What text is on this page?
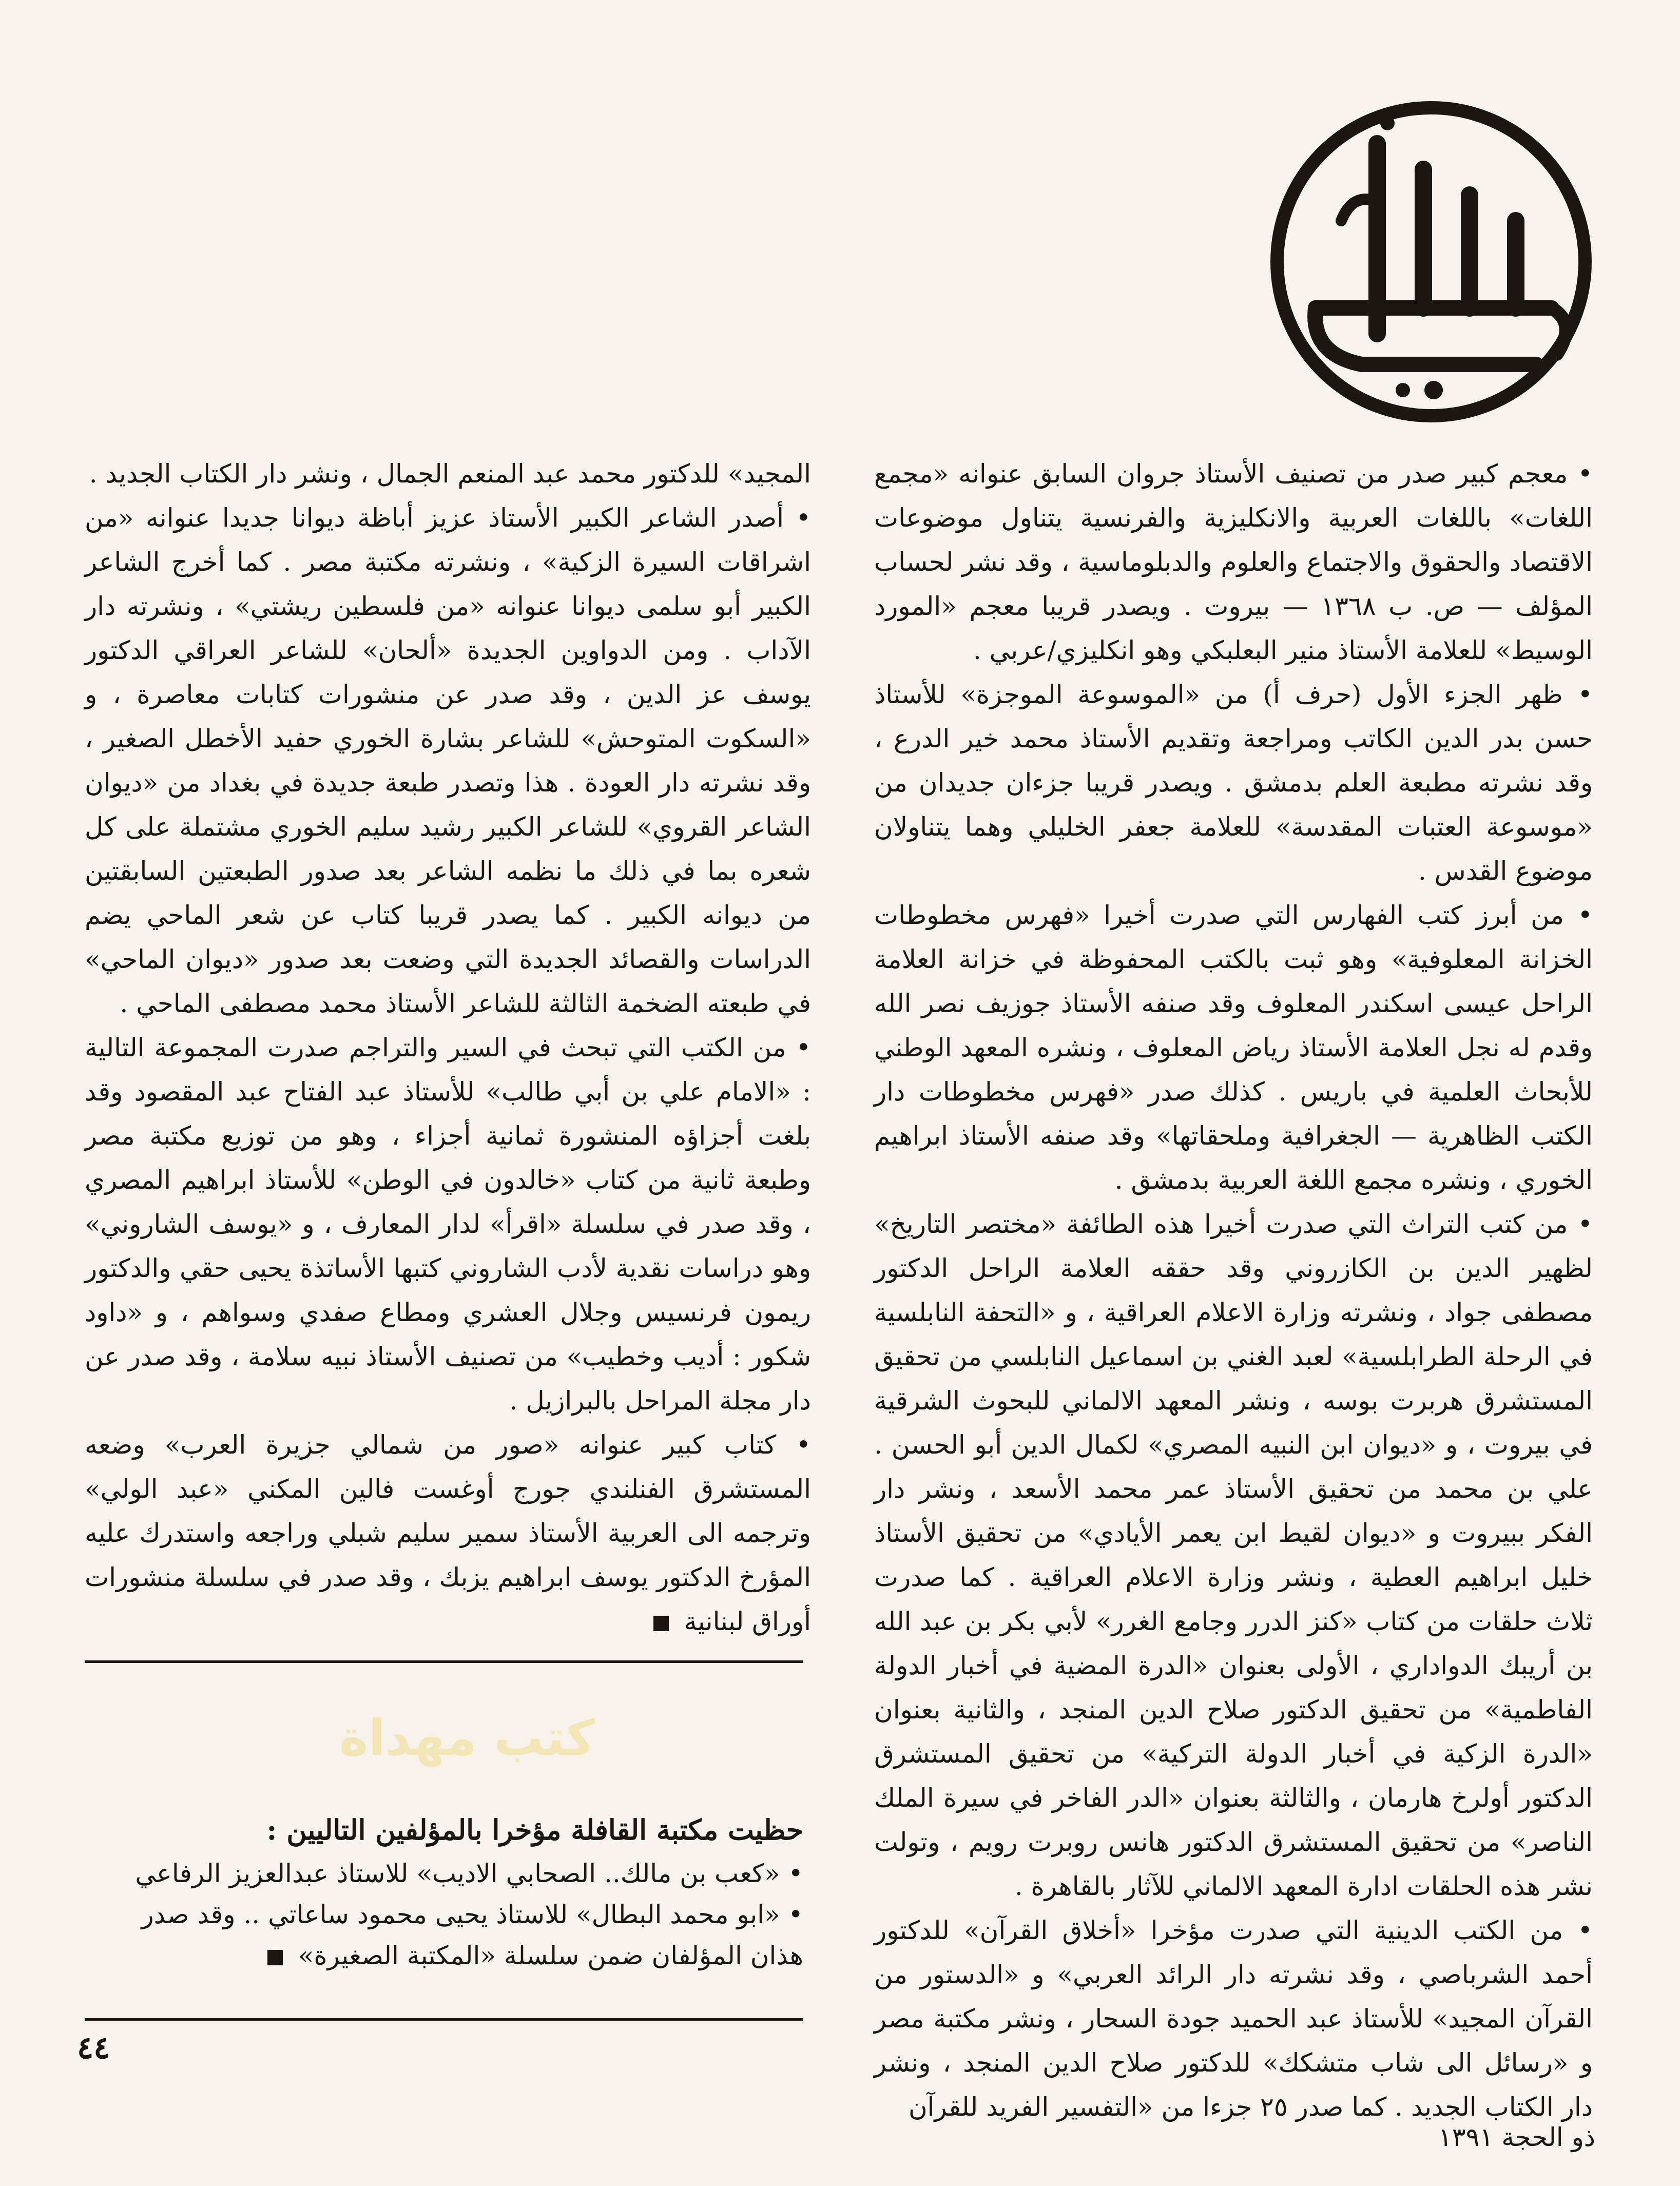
• معجم كبير صدر من تصنيف الأستاذ جروان السابق عنوانه «مجمع اللغات» باللغات العربية والانكليزية والفرنسية يتناول موضوعات الاقتصاد والحقوق والاجتماع والعلوم والدبلوماسية ، وقد نشر لحساب المؤلف — ص. ب ١٣٦٨ — بيروت . ويصدر قريبا معجم «المورد الوسيط» للعلامة الأستاذ منير البعلبكي وهو انكليزي/عربي .

• ظهر الجزء الأول (حرف أ) من «الموسوعة الموجزة» للأستاذ حسن بدر الدين الكاتب ومراجعة وتقديم الأستاذ محمد خير الدرع ، وقد نشرته مطبعة العلم بدمشق . ويصدر قريبا جزءان جديدان من «موسوعة العتبات المقدسة» للعلامة جعفر الخليلي وهما يتناولان موضوع القدس .

• من أبرز كتب الفهارس التي صدرت أخيرا «فهرس مخطوطات الخزانة المعلوفية» وهو ثبت بالكتب المحفوظة في خزانة العلامة الراحل عيسى اسكندر المعلوف وقد صنفه الأستاذ جوزيف نصر الله وقدم له نجل العلامة الأستاذ رياض المعلوف ، ونشره المعهد الوطني للأبحاث العلمية في باريس . كذلك صدر «فهرس مخطوطات دار الكتب الظاهرية — الجغرافية وملحقاتها» وقد صنفه الأستاذ ابراهيم الخوري ، ونشره مجمع اللغة العربية بدمشق .

• من كتب التراث التي صدرت أخيرا هذه الطائفة «مختصر التاريخ» لظهير الدين بن الكازروني وقد حققه العلامة الراحل الدكتور مصطفى جواد ، ونشرته وزارة الاعلام العراقية ، و «التحفة النابلسية في الرحلة الطرابلسية» لعبد الغني بن اسماعيل النابلسي من تحقيق المستشرق هربرت بوسه ، ونشر المعهد الالماني للبحوث الشرقية في بيروت ، و «ديوان ابن النبيه المصري» لكمال الدين أبو الحسن . علي بن محمد من تحقيق الأستاذ عمر محمد الأسعد ، ونشر دار الفكر ببيروت و «ديوان لقيط ابن يعمر الأيادي» من تحقيق الأستاذ خليل ابراهيم العطية ، ونشر وزارة الاعلام العراقية . كما صدرت ثلاث حلقات من كتاب «كنز الدرر وجامع الغرر» لأبي بكر بن عبد الله بن أريبك الدواداري ، الأولى بعنوان «الدرة المضية في أخبار الدولة الفاطمية» من تحقيق الدكتور صلاح الدين المنجد ، والثانية بعنوان «الدرة الزكية في أخبار الدولة التركية» من تحقيق المستشرق الدكتور أولرخ هارمان ، والثالثة بعنوان «الدر الفاخر في سيرة الملك الناصر» من تحقيق المستشرق الدكتور هانس روبرت رويم ، وتولت نشر هذه الحلقات ادارة المعهد الالماني للآثار بالقاهرة .

• من الكتب الدينية التي صدرت مؤخرا «أخلاق القرآن» للدكتور أحمد الشرباصي ، وقد نشرته دار الرائد العربي» و «الدستور من القرآن المجيد» للأستاذ عبد الحميد جودة السحار ، ونشر مكتبة مصر و «رسائل الى شاب متشكك» للدكتور صلاح الدين المنجد ، ونشر دار الكتاب الجديد . كما صدر ٢٥ جزءا من «التفسير الفريد للقرآن

المجيد» للدكتور محمد عبد المنعم الجمال ، ونشر دار الكتاب الجديد .

• أصدر الشاعر الكبير الأستاذ عزيز أباظة ديوانا جديدا عنوانه «من اشراقات السيرة الزكية» ، ونشرته مكتبة مصر . كما أخرج الشاعر الكبير أبو سلمى ديوانا عنوانه «من فلسطين ريشتي» ، ونشرته دار الآداب . ومن الدواوين الجديدة «ألحان» للشاعر العراقي الدكتور يوسف عز الدين ، وقد صدر عن منشورات كتابات معاصرة ، و «السكوت المتوحش» للشاعر بشارة الخوري حفيد الأخطل الصغير ، وقد نشرته دار العودة . هذا وتصدر طبعة جديدة في بغداد من «ديوان الشاعر القروي» للشاعر الكبير رشيد سليم الخوري مشتملة على كل شعره بما في ذلك ما نظمه الشاعر بعد صدور الطبعتين السابقتين من ديوانه الكبير . كما يصدر قريبا كتاب عن شعر الماحي يضم الدراسات والقصائد الجديدة التي وضعت بعد صدور «ديوان الماحي» في طبعته الضخمة الثالثة للشاعر الأستاذ محمد مصطفى الماحي .

• من الكتب التي تبحث في السير والتراجم صدرت المجموعة التالية : «الامام علي بن أبي طالب» للأستاذ عبد الفتاح عبد المقصود وقد بلغت أجزاؤه المنشورة ثمانية أجزاء ، وهو من توزيع مكتبة مصر وطبعة ثانية من كتاب «خالدون في الوطن» للأستاذ ابراهيم المصري ، وقد صدر في سلسلة «اقرأ» لدار المعارف ، و «يوسف الشاروني» وهو دراسات نقدية لأدب الشاروني كتبها الأساتذة يحيى حقي والدكتور ريمون فرنسيس وجلال العشري ومطاع صفدي وسواهم ، و «داود شكور : أديب وخطيب» من تصنيف الأستاذ نبيه سلامة ، وقد صدر عن دار مجلة المراحل بالبرازيل .

• كتاب كبير عنوانه «صور من شمالي جزيرة العرب» وضعه المستشرق الفنلندي جورج أوغست فالين المكني «عبد الولي» وترجمه الى العربية الأستاذ سمير سليم شبلي وراجعه واستدرك عليه المؤرخ الدكتور يوسف ابراهيم يزبك ، وقد صدر في سلسلة منشورات أوراق لبنانية

كتب مهداة
حظيت مكتبة القافلة مؤخرا بالمؤلفين التاليين :
• «كعب بن مالك.. الصحابي الاديب» للاستاذ عبدالعزيز الرفاعي
• «ابو محمد البطال» للاستاذ يحيى محمود ساعاتي .. وقد صدر هذان المؤلفان ضمن سلسلة «المكتبة الصغيرة»
٤٤
ذو الحجة ١٣٩١
